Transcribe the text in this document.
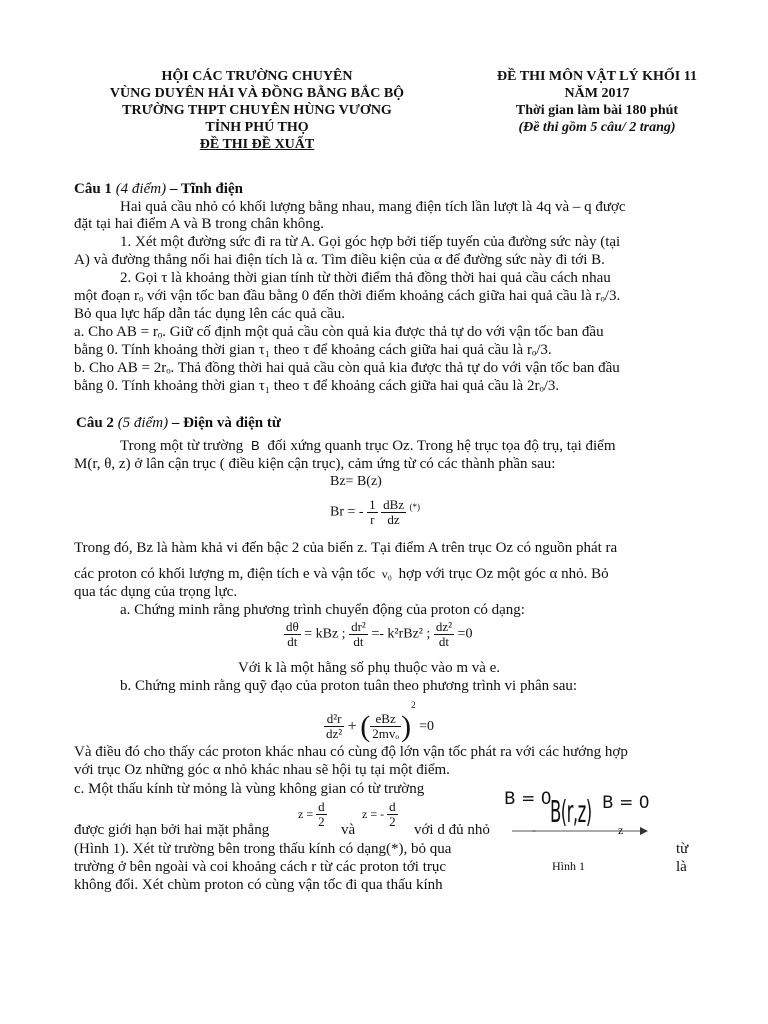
HỘI CÁC TRƯỜNG CHUYÊN
VÙNG DUYÊN HẢI VÀ ĐỒNG BẰNG BẮC BỘ
TRƯỜNG THPT CHUYÊN HÙNG VƯƠNG
TỈNH PHÚ THỌ
ĐỀ THI ĐỀ XUẤT
ĐỀ THI MÔN VẬT LÝ KHỐI 11
NĂM 2017
Thời gian làm bài 180 phút
(Đề thi gồm 5 câu/ 2 trang)
Câu 1 (4 điểm) – Tĩnh điện
Hai quả cầu nhỏ có khối lượng bằng nhau, mang điện tích lần lượt là 4q và – q được
đặt tại hai điểm A và B trong chân không.
1. Xét một đường sức đi ra từ A. Gọi góc hợp bởi tiếp tuyến của đường sức này (tại
A) và đường thẳng nối hai điện tích là α. Tìm điều kiện của α để đường sức này đi tới B.
2. Gọi τ là khoảng thời gian tính từ thời điểm thả đồng thời hai quả cầu cách nhau
một đoạn rₒ với vận tốc ban đầu bằng 0 đến thời điểm khoảng cách giữa hai quả cầu là rₒ/3.
Bỏ qua lực hấp dẫn tác dụng lên các quả cầu.
a. Cho AB = rₒ. Giữ cố định một quả cầu còn quả kia được thả tự do với vận tốc ban đầu
bằng 0. Tính khoảng thời gian τ₁ theo τ để khoảng cách giữa hai quả cầu là rₒ/3.
b. Cho AB = 2rₒ. Thả đồng thời hai quả cầu còn quả kia được thả tự do với vận tốc ban đầu
bằng 0. Tính khoảng thời gian τ₁ theo τ để khoảng cách giữa hai quả cầu là 2rₒ/3.
Câu 2 (5 điểm) – Điện và điện từ
Trong một từ trường B đối xứng quanh trục Oz. Trong hệ trục tọa độ trụ, tại điểm
M(r, θ, z) ở lân cận trục ( điều kiện cận trục), cảm ứng từ có các thành phần sau:
Bz= B(z)
Br = - $\frac{1}{r}$
$\frac{\text{dBz}}{dz} ^{(*)}$
Trong đó, Bz là hàm khả vi đến bậc 2 của biến z. Tại điểm A trên trục Oz có nguồn phát ra
các proton có khối lượng m, điện tích e và vận tốc v₀ hợp với trục Oz một góc α nhỏ. Bỏ
qua tác dụng của trọng lực.
a. Chứng minh rằng phương trình chuyển động của proton có dạng:
$\frac{d\theta}{dt}$ = kBz ; $\frac{\text{dr²}}{dt} =- k^2rBz^2$ ; $\frac{\text{dz²}}{dt} =0$
Với k là một hằng số phụ thuộc vào m và e.
b. Chứng minh rằng quỹ đạo của proton tuân theo phương trình vi phân sau:
$\frac{\text{d²r}}{\text{dz²}}$ + ( $\frac{\text{eBz}}{\text{2mvₒ}} )^2 =0$
Và điều đó cho thấy các proton khác nhau có cùng độ lớn vận tốc phát ra với các hướng hợp
với trục Oz những góc α nhỏ khác nhau sẽ hội tụ tại một điểm.
c. Một thấu kính từ mỏng là vùng không gian có từ trường
được giới hạn bởi hai mặt phẳng
$z = \frac{d}{2}$
và
z = - $\frac{d}{2}$
với d đủ nhỏ
(Hình 1). Xét từ trường bên trong thấu kính có dạng(*), bỏ qua	từ
trường ở bên ngoài và coi khoảng cách r từ các proton tới trục	là
không đổi. Xét chùm proton có cùng vận tốc đi qua thấu kính
B = 0	B = 0
B(r,z)
-	z
Hình 1
